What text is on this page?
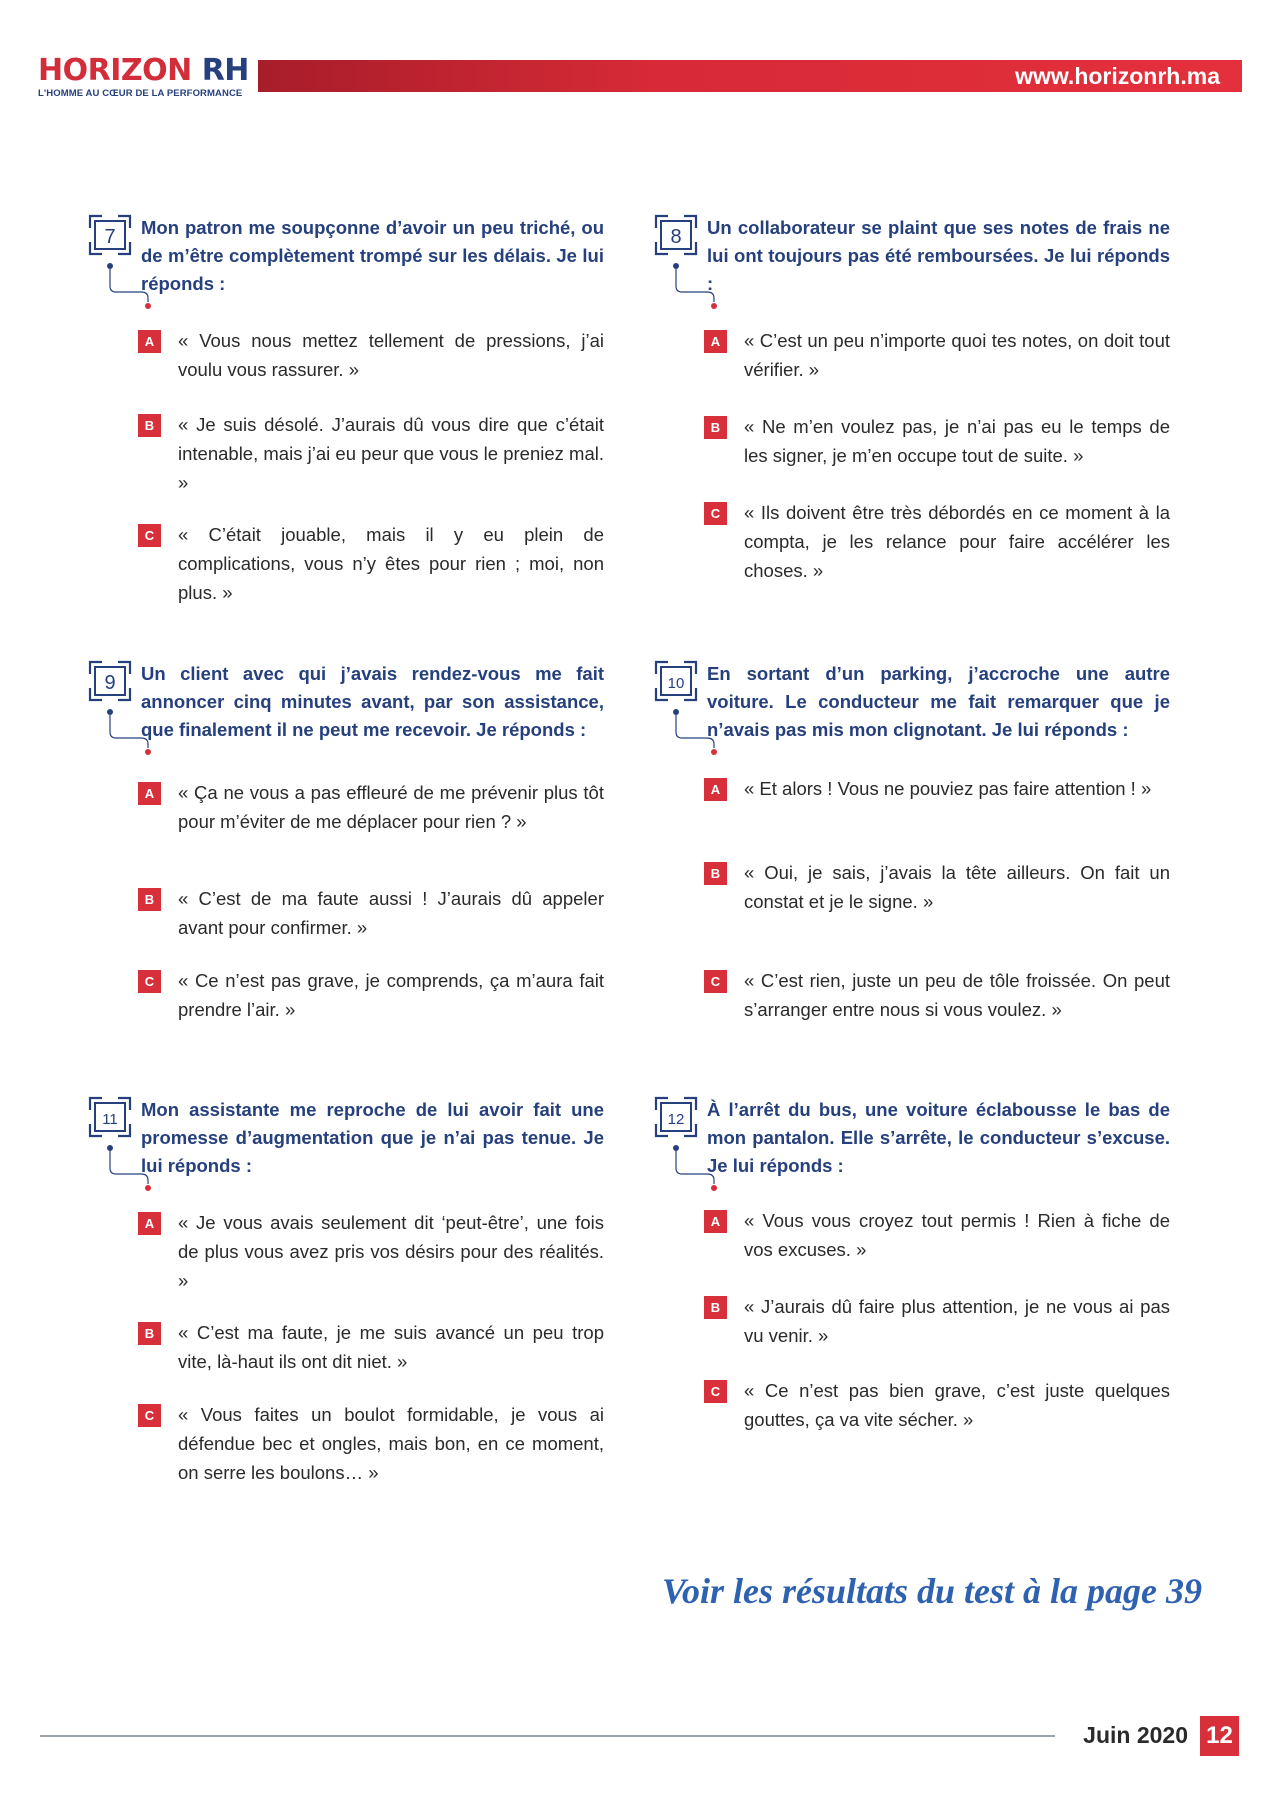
HORIZON RH
L'HOMME AU CŒUR DE LA PERFORMANCE
www.horizonrh.ma
7 Mon patron me soupçonne d’avoir un peu triché, ou de m’être complètement trompé sur les délais. Je lui réponds :

A	« Vous nous mettez tellement de pressions, j’ai voulu vous rassurer. »

B	« Je suis désolé. J’aurais dû vous dire que c’était intenable, mais j’ai eu peur que vous le preniez mal. »

C	« C’était jouable, mais il y eu plein de complications, vous n’y êtes pour rien ; moi, non plus. »

8 Un collaborateur se plaint que ses notes de frais ne lui ont toujours pas été remboursées. Je lui réponds :

A	« C’est un peu n’importe quoi tes notes, on doit tout vérifier. »

B	« Ne m’en voulez pas, je n’ai pas eu le temps de les signer, je m’en occupe tout de suite. »

C	« Ils doivent être très débordés en ce moment à la compta, je les relance pour faire accélérer les choses. »

9 Un client avec qui j’avais rendez-vous me fait annoncer cinq minutes avant, par son assistance, que finalement il ne peut me recevoir. Je réponds :

A	« Ça ne vous a pas effleuré de me prévenir plus tôt pour m’éviter de me déplacer pour rien ? »

B	« C’est de ma faute aussi ! J’aurais dû appeler avant pour confirmer. »

C	« Ce n’est pas grave, je comprends, ça m’aura fait prendre l’air. »

10 En sortant d’un parking, j’accroche une autre voiture. Le conducteur me fait remarquer que je n’avais pas mis mon clignotant. Je lui réponds :

A	« Et alors ! Vous ne pouviez pas faire attention ! »

B	« Oui, je sais, j’avais la tête ailleurs. On fait un constat et je le signe. »

C	« C’est rien, juste un peu de tôle froissée. On peut s’arranger entre nous si vous voulez. »

11 Mon assistante me reproche de lui avoir fait une promesse d’augmentation que je n’ai pas tenue. Je lui réponds :

A	« Je vous avais seulement dit ‘peut-être’, une fois de plus vous avez pris vos désirs pour des réalités. »

B	« C’est ma faute, je me suis avancé un peu trop vite, là-haut ils ont dit niet. »

C	« Vous faites un boulot formidable, je vous ai défendue bec et ongles, mais bon, en ce moment, on serre les boulons… »

12 À l’arrêt du bus, une voiture éclabousse le bas de mon pantalon. Elle s’arrête, le conducteur s’excuse. Je lui réponds :

A	« Vous vous croyez tout permis ! Rien à fiche de vos excuses. »

B	« J’aurais dû faire plus attention, je ne vous ai pas vu venir. »

C	« Ce n’est pas bien grave, c’est juste quelques gouttes, ça va vite sécher. »

Voir les résultats du test à la page 39
Juin 2020 12
